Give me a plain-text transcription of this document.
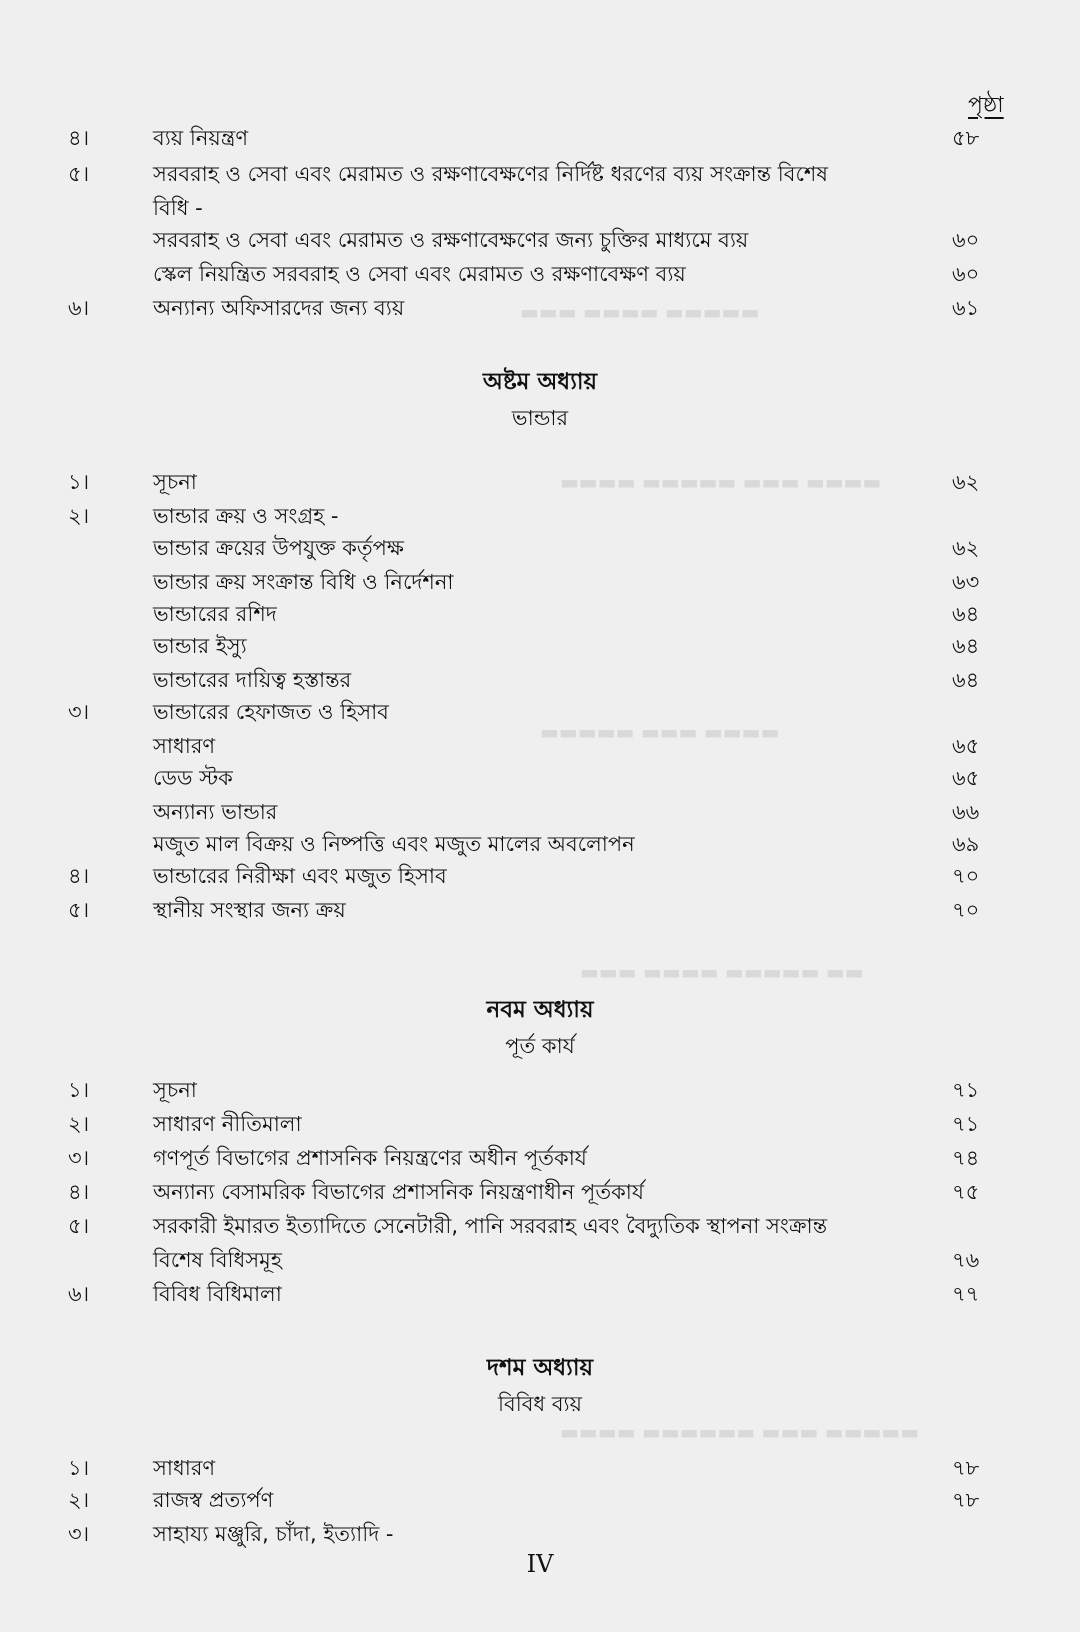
▬▬▬ ▬▬▬▬ ▬▬▬▬▬
▬▬▬▬ ▬▬▬▬▬ ▬▬▬ ▬▬▬▬
▬▬▬▬▬ ▬▬▬ ▬▬▬▬
▬▬▬ ▬▬▬▬ ▬▬▬▬▬ ▬▬
▬▬▬▬ ▬▬▬▬▬▬ ▬▬▬ ▬▬▬▬▬
পৃষ্ঠা
৪।	ব্যয় নিয়ন্ত্রণ	৫৮
৫।	সরবরাহ ও সেবা এবং মেরামত ও রক্ষণাবেক্ষণের নির্দিষ্ট ধরণের ব্যয় সংক্রান্ত বিশেষ
বিধি -
সরবরাহ ও সেবা এবং মেরামত ও রক্ষণাবেক্ষণের জন্য চুক্তির মাধ্যমে ব্যয়	৬০
স্কেল নিয়ন্ত্রিত সরবরাহ ও সেবা এবং মেরামত ও রক্ষণাবেক্ষণ ব্যয়	৬০
৬।	অন্যান্য অফিসারদের জন্য ব্যয়	৬১
অষ্টম অধ্যায়
ভান্ডার
১।	সূচনা	৬২
২।	ভান্ডার ক্রয় ও সংগ্রহ -
ভান্ডার ক্রয়ের উপযুক্ত কর্তৃপক্ষ	৬২
ভান্ডার ক্রয় সংক্রান্ত বিধি ও নির্দেশনা	৬৩
ভান্ডারের রশিদ	৬৪
ভান্ডার ইস্যু	৬৪
ভান্ডারের দায়িত্ব হস্তান্তর	৬৪
৩।	ভান্ডারের হেফাজত ও হিসাব
সাধারণ	৬৫
ডেড স্টক	৬৫
অন্যান্য ভান্ডার	৬৬
মজুত মাল বিক্রয় ও নিষ্পত্তি এবং মজুত মালের অবলোপন	৬৯
৪।	ভান্ডারের নিরীক্ষা এবং মজুত হিসাব	৭০
৫।	স্থানীয় সংস্থার জন্য ক্রয়	৭০
নবম অধ্যায়
পূর্ত কার্য
১।	সূচনা	৭১
২।	সাধারণ নীতিমালা	৭১
৩।	গণপূর্ত বিভাগের প্রশাসনিক নিয়ন্ত্রণের অধীন পূর্তকার্য	৭৪
৪।	অন্যান্য বেসামরিক বিভাগের প্রশাসনিক নিয়ন্ত্রণাধীন পূর্তকার্য	৭৫
৫।	সরকারী ইমারত ইত্যাদিতে সেনেটারী, পানি সরবরাহ এবং বৈদ্যুতিক স্থাপনা সংক্রান্ত
বিশেষ বিধিসমূহ	৭৬
৬।	বিবিধ বিধিমালা	৭৭
দশম অধ্যায়
বিবিধ ব্যয়
১।	সাধারণ	৭৮
২।	রাজস্ব প্রত্যর্পণ	৭৮
৩।	সাহায্য মঞ্জুরি, চাঁদা, ইত্যাদি -
IV
